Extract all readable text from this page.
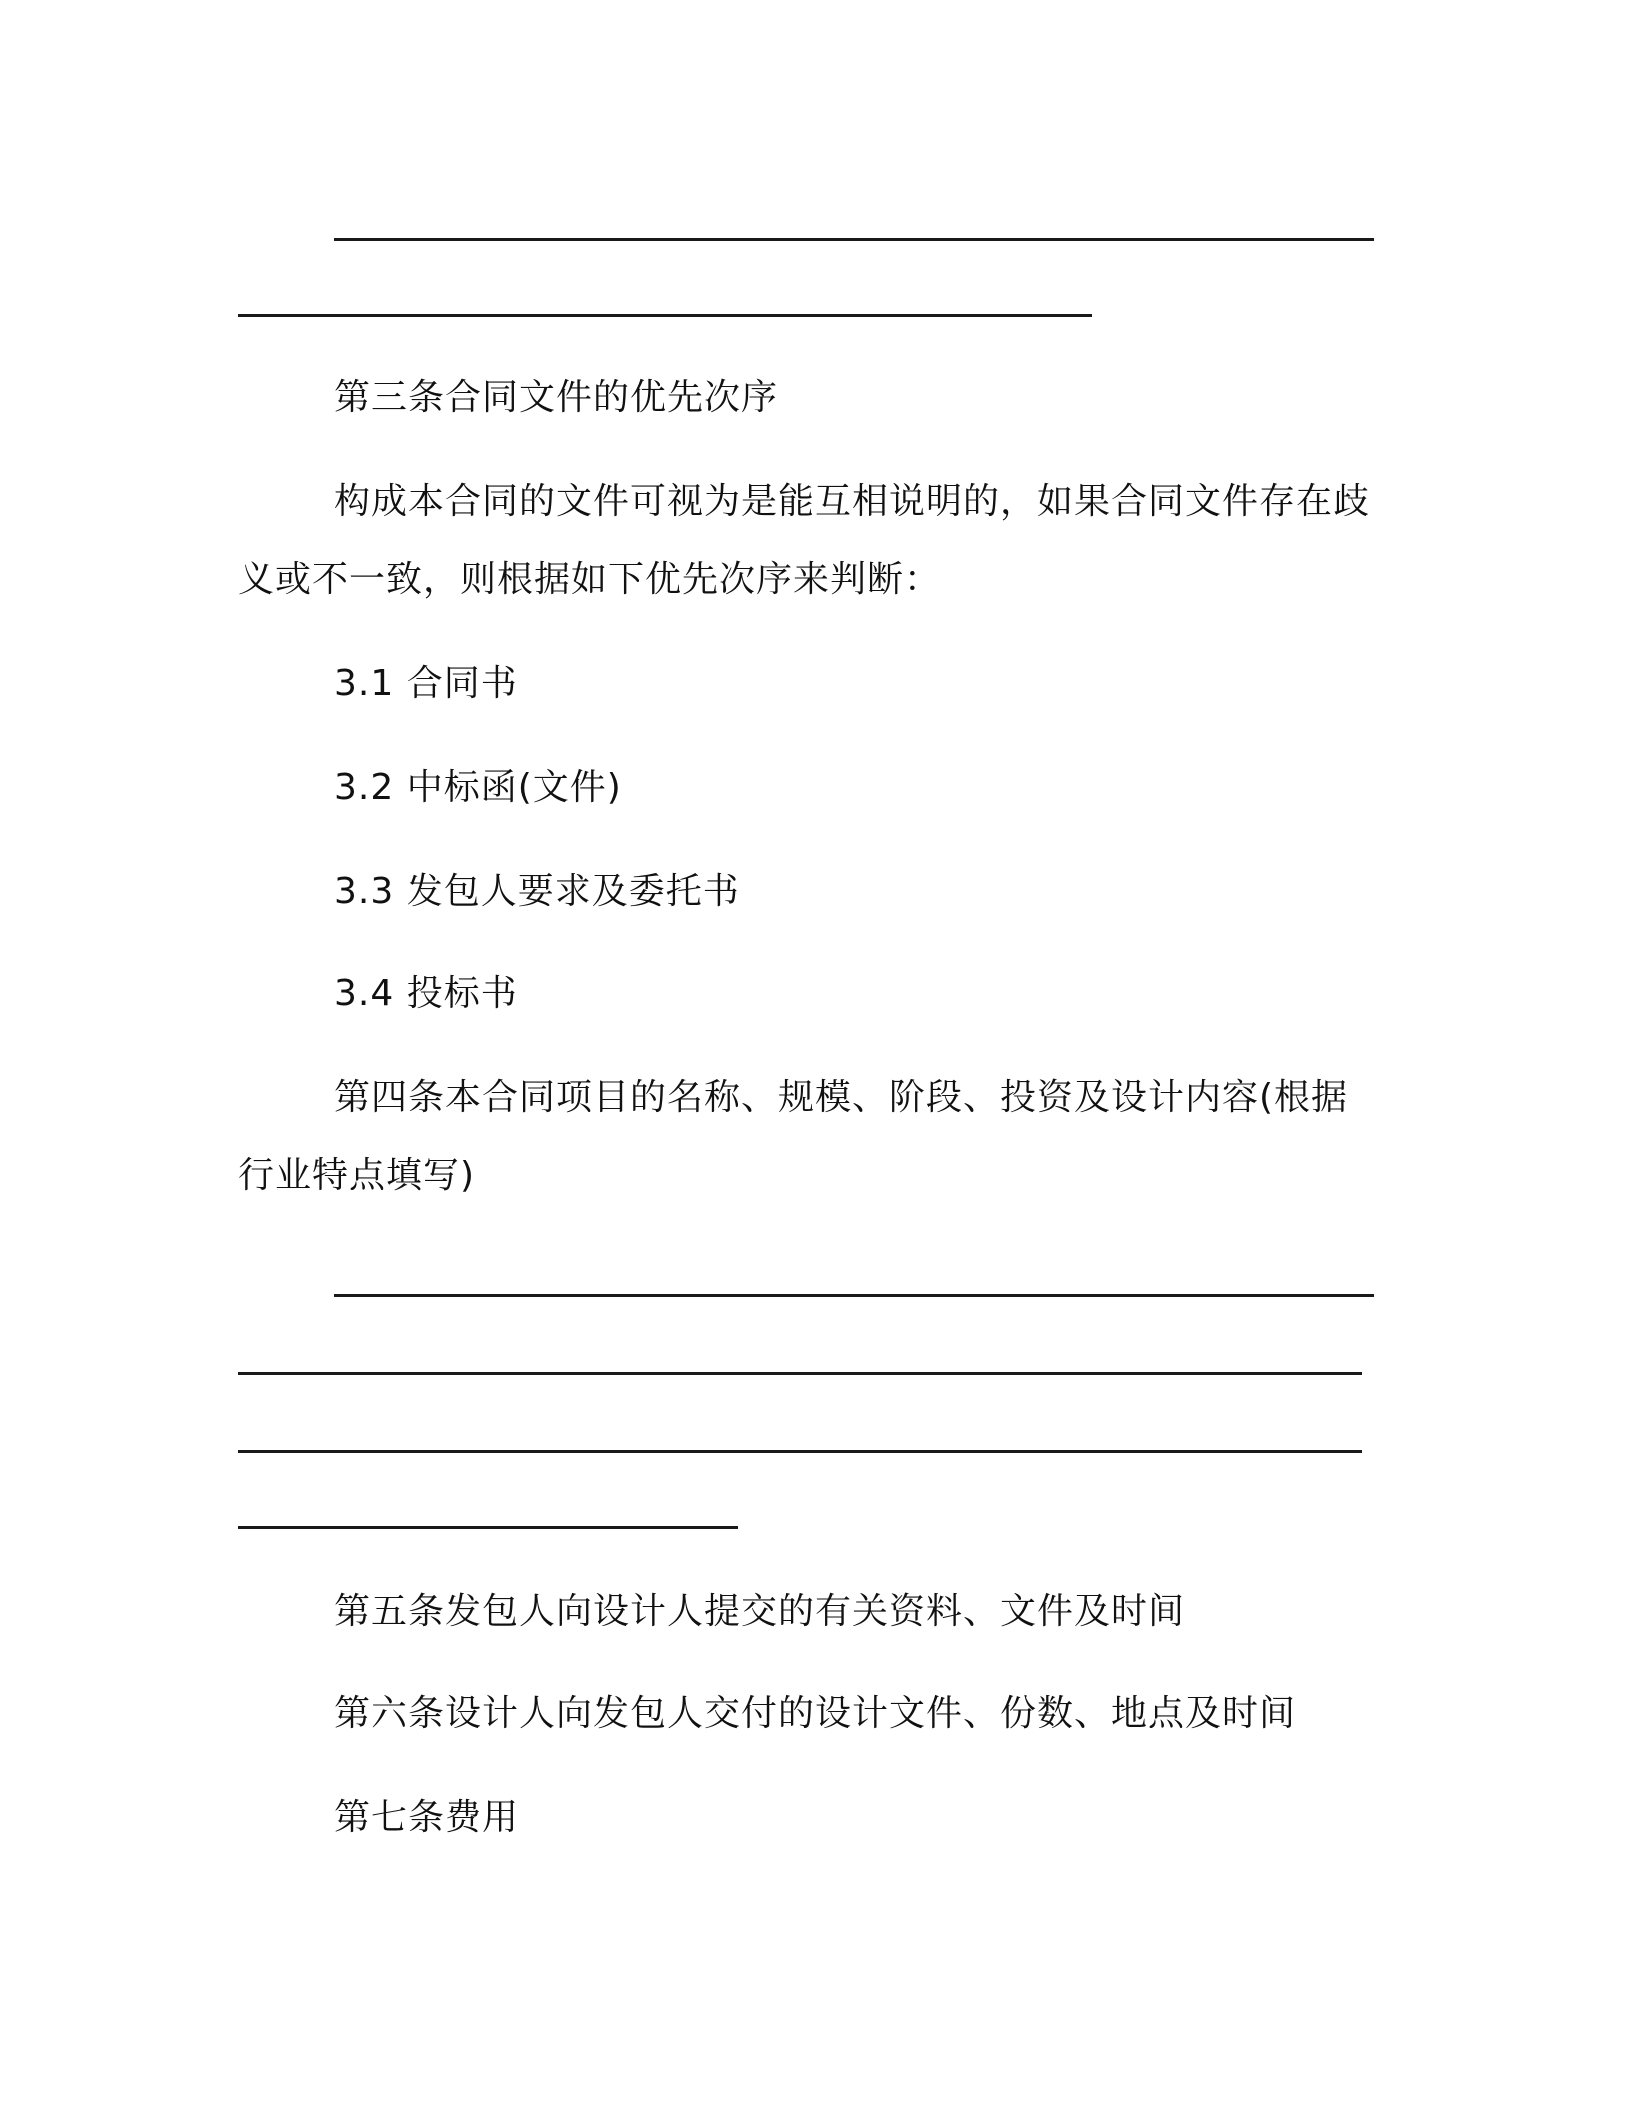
第三条合同文件的优先次序
构成本合同的文件可视为是能互相说明的，如果合同文件存在歧
义或不一致，则根据如下优先次序来判断：
3.1 合同书
3.2 中标函(文件)
3.3 发包人要求及委托书
3.4 投标书
第四条本合同项目的名称、规模、阶段、投资及设计内容(根据
行业特点填写)
第五条发包人向设计人提交的有关资料、文件及时间
第六条设计人向发包人交付的设计文件、份数、地点及时间
第七条费用
